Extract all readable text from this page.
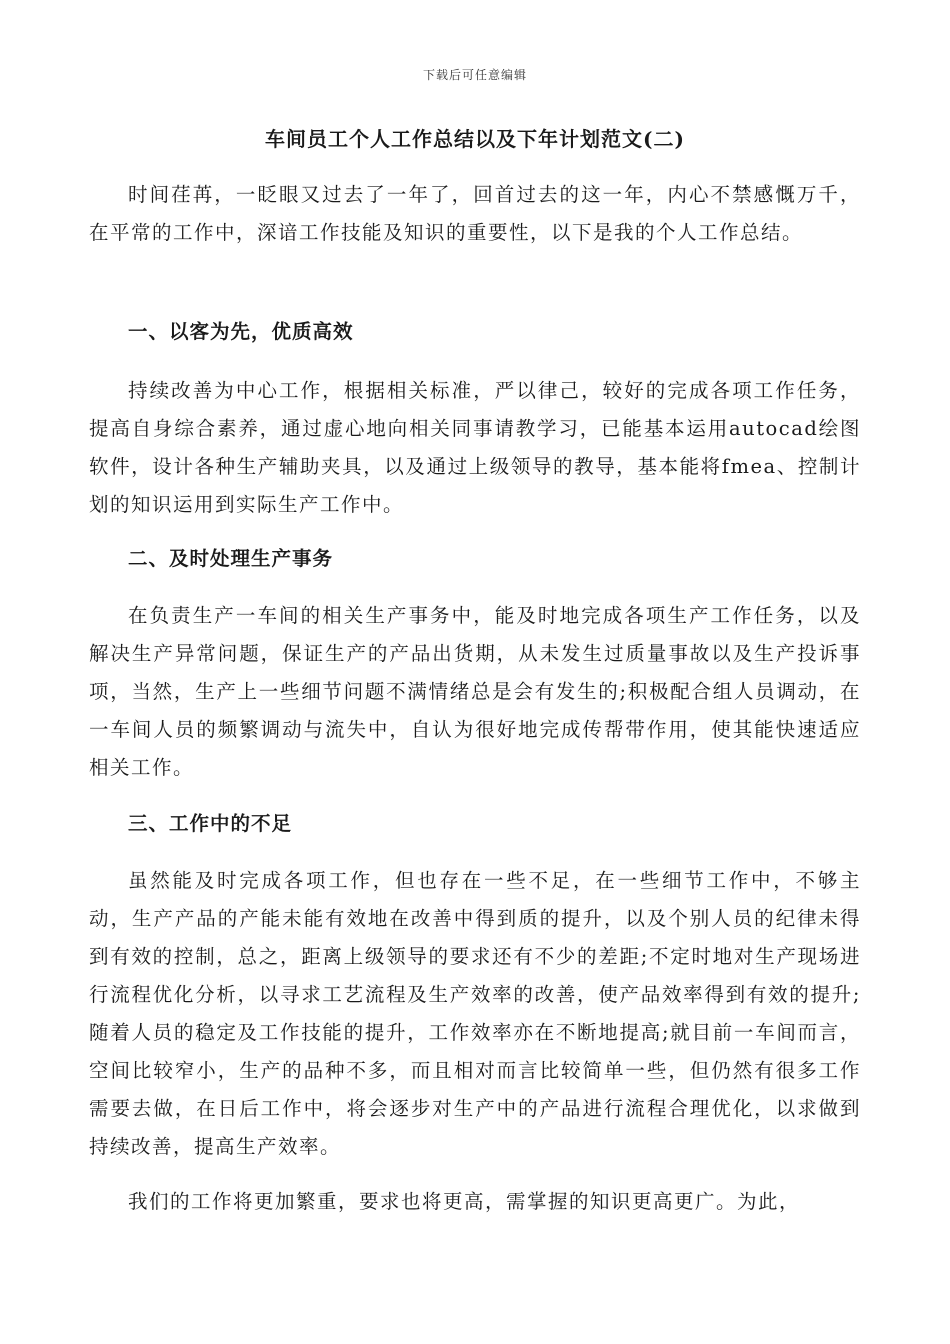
下载后可任意编辑
车间员工个人工作总结以及下年计划范文(二)

时间荏苒，一眨眼又过去了一年了，回首过去的这一年，内心不禁感慨万千，在平常的工作中，深谙工作技能及知识的重要性，以下是我的个人工作总结。

一、以客为先，优质高效

持续改善为中心工作，根据相关标准，严以律己，较好的完成各项工作任务，提高自身综合素养，通过虚心地向相关同事请教学习，已能基本运用autocad绘图软件，设计各种生产辅助夹具，以及通过上级领导的教导，基本能将fmea、控制计划的知识运用到实际生产工作中。

二、及时处理生产事务

在负责生产一车间的相关生产事务中，能及时地完成各项生产工作任务，以及解决生产异常问题，保证生产的产品出货期，从未发生过质量事故以及生产投诉事项，当然，生产上一些细节问题不满情绪总是会有发生的;积极配合组人员调动，在一车间人员的频繁调动与流失中，自认为很好地完成传帮带作用，使其能快速适应相关工作。

三、工作中的不足

虽然能及时完成各项工作，但也存在一些不足，在一些细节工作中，不够主动，生产产品的产能未能有效地在改善中得到质的提升，以及个别人员的纪律未得到有效的控制，总之，距离上级领导的要求还有不少的差距;不定时地对生产现场进行流程优化分析，以寻求工艺流程及生产效率的改善，使产品效率得到有效的提升;随着人员的稳定及工作技能的提升，工作效率亦在不断地提高;就目前一车间而言，空间比较窄小，生产的品种不多，而且相对而言比较简单一些，但仍然有很多工作需要去做，在日后工作中，将会逐步对生产中的产品进行流程合理优化，以求做到持续改善，提高生产效率。

我们的工作将更加繁重，要求也将更高，需掌握的知识更高更广。为此，
